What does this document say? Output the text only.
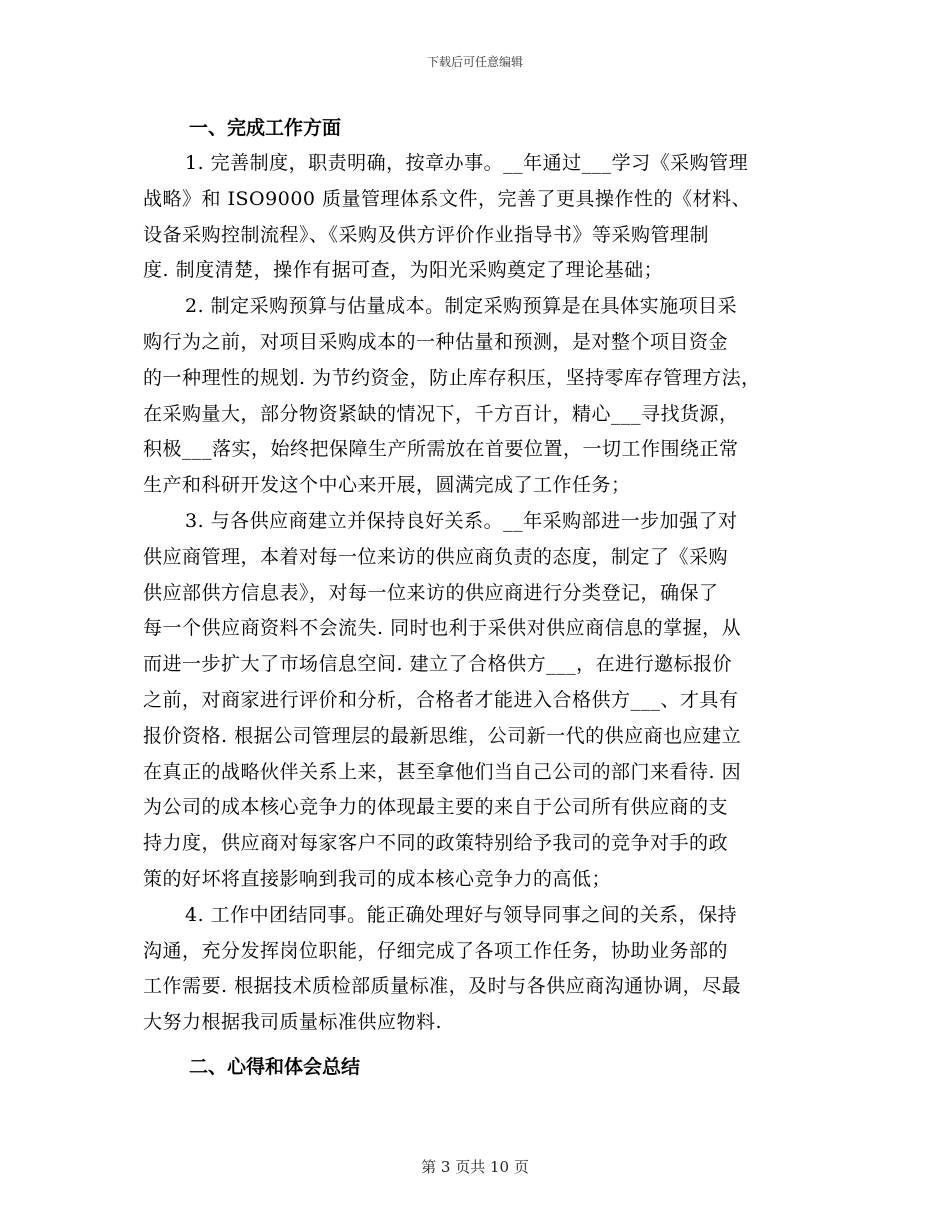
下载后可任意编辑
一、完成工作方面
1. 完善制度，职责明确，按章办事。__年通过___学习《采购管理
战略》和 ISO9000 质量管理体系文件，完善了更具操作性的《材料、
设备采购控制流程》、《采购及供方评价作业指导书》等采购管理制
度. 制度清楚，操作有据可查，为阳光采购奠定了理论基础；
2. 制定采购预算与估量成本。制定采购预算是在具体实施项目采
购行为之前，对项目采购成本的一种估量和预测，是对整个项目资金
的一种理性的规划. 为节约资金，防止库存积压，坚持零库存管理方法，
在采购量大，部分物资紧缺的情况下，千方百计，精心___寻找货源，
积极___落实，始终把保障生产所需放在首要位置，一切工作围绕正常
生产和科研开发这个中心来开展，圆满完成了工作任务；
3. 与各供应商建立并保持良好关系。__年采购部进一步加强了对
供应商管理，本着对每一位来访的供应商负责的态度，制定了《采购
供应部供方信息表》，对每一位来访的供应商进行分类登记，确保了
每一个供应商资料不会流失. 同时也利于采供对供应商信息的掌握，从
而进一步扩大了市场信息空间. 建立了合格供方___，在进行邀标报价
之前，对商家进行评价和分析，合格者才能进入合格供方___、才具有
报价资格. 根据公司管理层的最新思维，公司新一代的供应商也应建立
在真正的战略伙伴关系上来，甚至拿他们当自己公司的部门来看待. 因
为公司的成本核心竞争力的体现最主要的来自于公司所有供应商的支
持力度，供应商对每家客户不同的政策特别给予我司的竞争对手的政
策的好坏将直接影响到我司的成本核心竞争力的高低；
4. 工作中团结同事。能正确处理好与领导同事之间的关系，保持
沟通，充分发挥岗位职能，仔细完成了各项工作任务，协助业务部的
工作需要. 根据技术质检部质量标准，及时与各供应商沟通协调，尽最
大努力根据我司质量标准供应物料.
二、心得和体会总结
第 3 页共 10 页
